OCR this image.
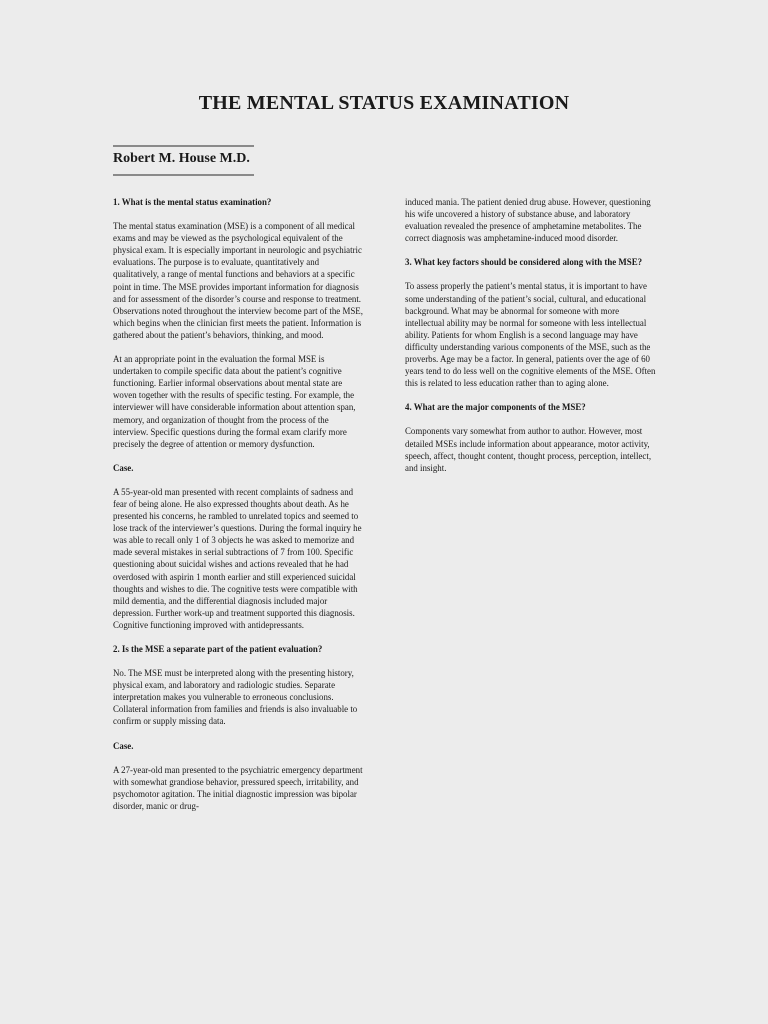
THE MENTAL STATUS EXAMINATION
Robert M. House M.D.

1. What is the mental status examination?

The mental status examination (MSE) is a component of all medical exams and may be viewed as the psychological equivalent of the physical exam. It is especially important in neurologic and psychiatric evaluations. The purpose is to evaluate, quantitatively and qualitatively, a range of mental functions and behaviors at a specific point in time. The MSE provides important information for diagnosis and for assessment of the disorder’s course and response to treatment. Observations noted throughout the interview become part of the MSE, which begins when the clinician first meets the patient. Information is gathered about the patient’s behaviors, thinking, and mood.

At an appropriate point in the evaluation the formal MSE is undertaken to compile specific data about the patient’s cognitive functioning. Earlier informal observations about mental state are woven together with the results of specific testing. For example, the interviewer will have considerable information about attention span, memory, and organization of thought from the process of the interview. Specific questions during the formal exam clarify more precisely the degree of attention or memory dysfunction.

Case.

A 55-year-old man presented with recent complaints of sadness and fear of being alone. He also expressed thoughts about death. As he presented his concerns, he rambled to unrelated topics and seemed to lose track of the interviewer’s questions. During the formal inquiry he was able to recall only 1 of 3 objects he was asked to memorize and made several mistakes in serial subtractions of 7 from 100. Specific questioning about suicidal wishes and actions revealed that he had overdosed with aspirin 1 month earlier and still experienced suicidal thoughts and wishes to die. The cognitive tests were compatible with mild dementia, and the differential diagnosis included major depression. Further work-up and treatment supported this diagnosis. Cognitive functioning improved with antidepressants.

2. Is the MSE a separate part of the patient evaluation?

No. The MSE must be interpreted along with the presenting history, physical exam, and laboratory and radiologic studies. Separate interpretation makes you vulnerable to erroneous conclusions. Collateral information from families and friends is also invaluable to confirm or supply missing data.

Case.

A 27-year-old man presented to the psychiatric emergency department with somewhat grandiose behavior, pressured speech, irritability, and psychomotor agitation. The initial diagnostic impression was bipolar disorder, manic or drug-

induced mania. The patient denied drug abuse. However, questioning his wife uncovered a history of substance abuse, and laboratory evaluation revealed the presence of amphetamine metabolites. The correct diagnosis was amphetamine-induced mood disorder.

3. What key factors should be considered along with the MSE?

To assess properly the patient’s mental status, it is important to have some understanding of the patient’s social, cultural, and educational background. What may be abnormal for someone with more intellectual ability may be normal for someone with less intellectual ability. Patients for whom English is a second language may have difficulty understanding various components of the MSE, such as the proverbs. Age may be a factor. In general, patients over the age of 60 years tend to do less well on the cognitive elements of the MSE. Often this is related to less education rather than to aging alone.

4. What are the major components of the MSE?

Components vary somewhat from author to author. However, most detailed MSEs include information about appearance, motor activity, speech, affect, thought content, thought process, perception, intellect, and insight.
